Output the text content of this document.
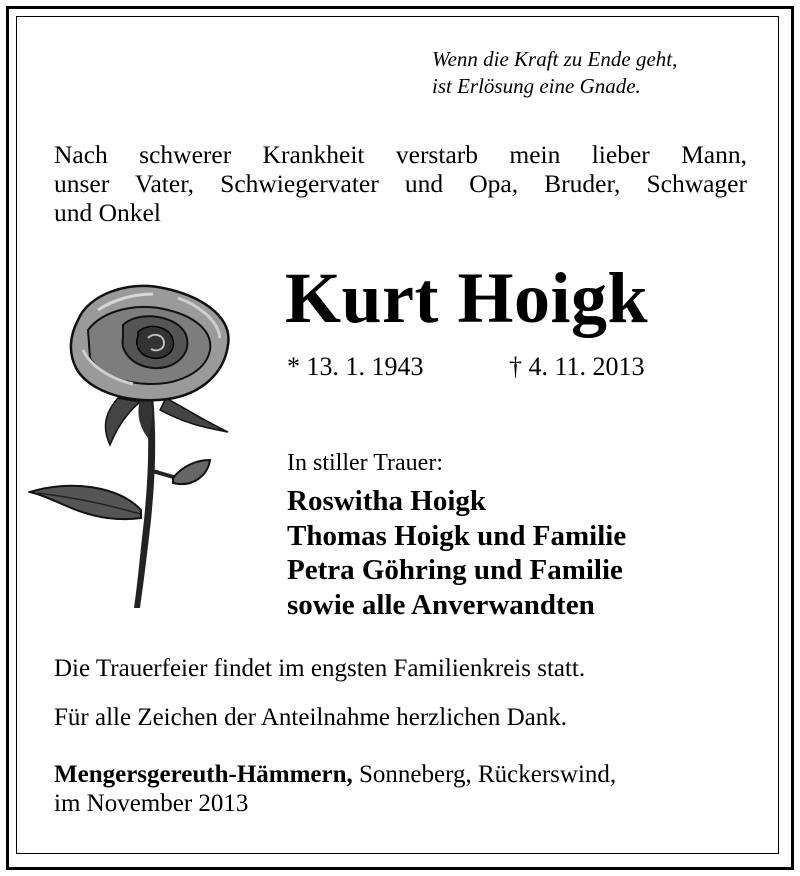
Wenn die Kraft zu Ende geht,
ist Erlösung eine Gnade.
Nach schwerer Krankheit verstarb mein lieber Mann,
unser Vater, Schwiegervater und Opa, Bruder, Schwager
und Onkel
Kurt Hoigk
* 13. 1. 1943	† 4. 11. 2013
In stiller Trauer:
Roswitha Hoigk
Thomas Hoigk und Familie
Petra Göhring und Familie
sowie alle Anverwandten
Die Trauerfeier findet im engsten Familienkreis statt.
Für alle Zeichen der Anteilnahme herzlichen Dank.
Mengersgereuth-Hämmern, Sonneberg, Rückerswind,
im November 2013
